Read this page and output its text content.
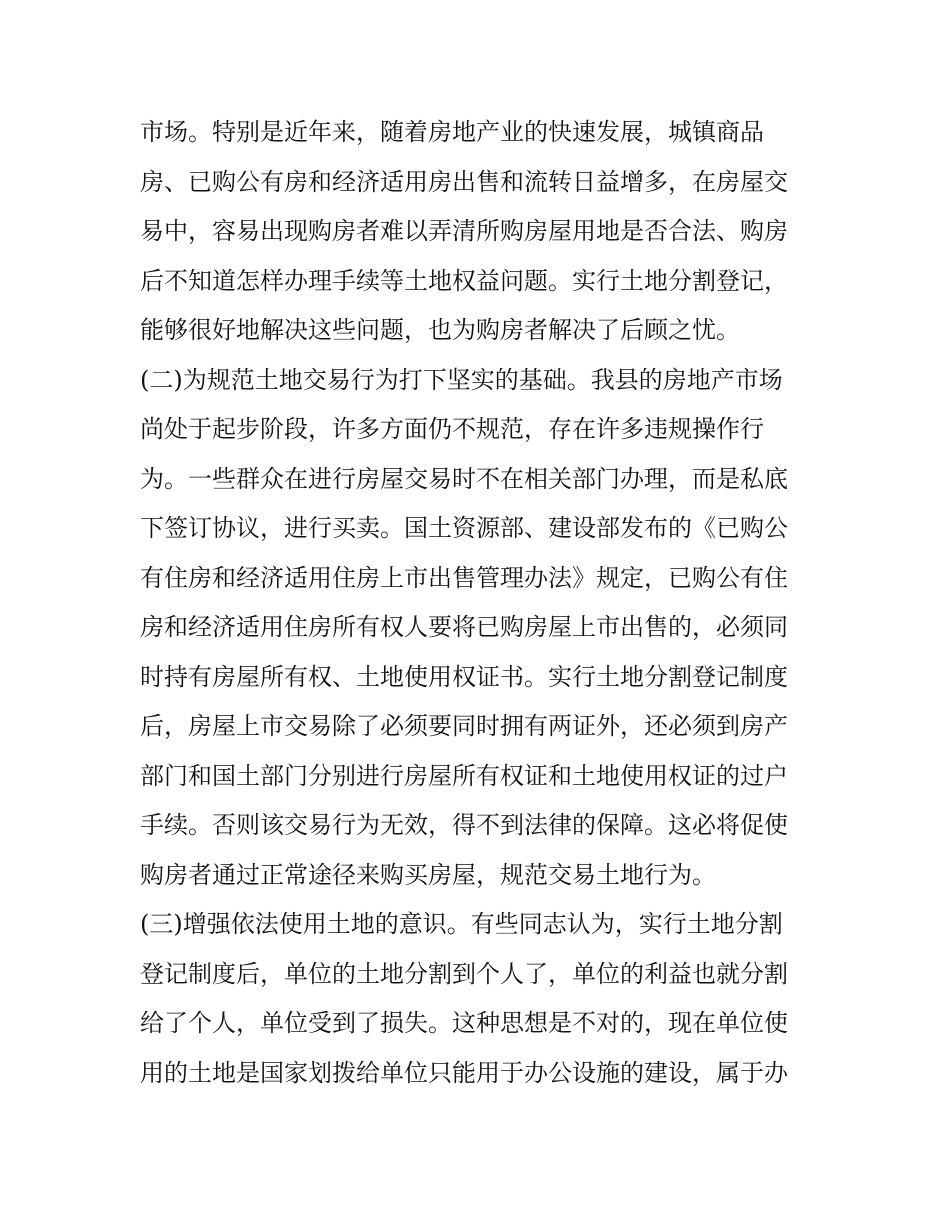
市场。特别是近年来，随着房地产业的快速发展，城镇商品
房、已购公有房和经济适用房出售和流转日益增多，在房屋交
易中，容易出现购房者难以弄清所购房屋用地是否合法、购房
后不知道怎样办理手续等土地权益问题。实行土地分割登记，
能够很好地解决这些问题，也为购房者解决了后顾之忧。
(二)为规范土地交易行为打下坚实的基础。我县的房地产市场
尚处于起步阶段，许多方面仍不规范，存在许多违规操作行
为。一些群众在进行房屋交易时不在相关部门办理，而是私底
下签订协议，进行买卖。国土资源部、建设部发布的《已购公
有住房和经济适用住房上市出售管理办法》规定，已购公有住
房和经济适用住房所有权人要将已购房屋上市出售的，必须同
时持有房屋所有权、土地使用权证书。实行土地分割登记制度
后，房屋上市交易除了必须要同时拥有两证外，还必须到房产
部门和国土部门分别进行房屋所有权证和土地使用权证的过户
手续。否则该交易行为无效，得不到法律的保障。这必将促使
购房者通过正常途径来购买房屋，规范交易土地行为。
(三)增强依法使用土地的意识。有些同志认为，实行土地分割
登记制度后，单位的土地分割到个人了，单位的利益也就分割
给了个人，单位受到了损失。这种思想是不对的，现在单位使
用的土地是国家划拨给单位只能用于办公设施的建设，属于办
